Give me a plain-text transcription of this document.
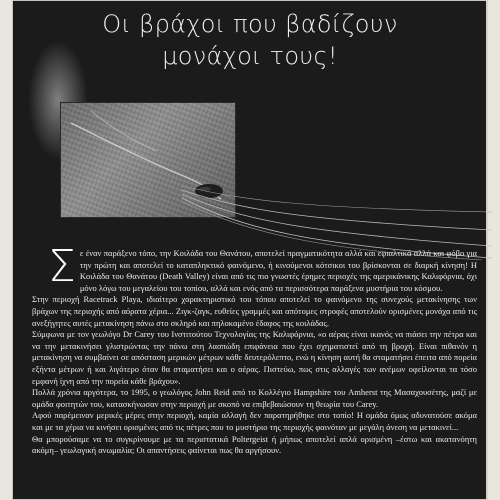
Οι βράχοι που βαδίζουν
μονάχοι τους!
Σ ε έναν παράξενο τόπο, την Κοιλάδα του Θανάτου, αποτελεί πραγματικότητα αλλά και εφιαλτικά αλλά και φόβο για την πρώτη και αποτελεί το καταπληκτικό φαινόμενο, ή κινούμενοι κότσικοι του βρίσκονται σε διαρκή κίνηση! Η Κοιλάδα του Θανάτου (Death Valley) είναι από τις πιο γνωστές έρημες περιοχές της αμερικάνικης Καλιφόρνια, όχι μόνο λόγω του μεγαλείου του τοπίου, αλλά και ενός από τα περισσότερα παράξενα μυστήρια του κόσμου.

Στην περιοχή Racetrack Playa, ιδιαίτερο χαρακτηριστικό του τόπου αποτελεί το φαινόμενο της συνεχούς μετακίνησης των βράχων της περιοχής από αόρατα χέρια... Ζιγκ-ζαγκ, ευθείες γραμμές και απότομες στροφές αποτελούν ορισμένες μονάχα από τις ανεξήγητες αυτές μετακίνηση πάνω στο σκληρό και πηλοκαμένο έδαφος της κοιλάδας.

Σύμφωνα με τον γεωλόγο Dr Carey του Ινστιτούτου Τεχνολογίας της Καλιφόρνια, «ο αέρας είναι ικανός να πιάσει την πέτρα και να την μετακινήσει γλιστρώντας την πάνω στη λασπώδη επιφάνεια που έχει σχηματιστεί από τη βροχή. Είναι πιθανόν η μετακίνηση να συμβαίνει σε απόσταση μερικών μέτρων κάθε δευτερόλεπτο, ενώ η κίνηση αυτή θα σταματήσει έπειτα από πορεία εξήντα μέτρων ή και λιγότερο όταν θα σταματήσει και ο αέρας. Πιστεύω, πως στις αλλαγές των ανέμων οφείλονται τα τόσο εμφανή ίχνη από την πορεία κάθε βράχου».

Πολλά χρόνια αργότερα, το 1995, ο γεωλόγος John Reid από το Κολλέγιο Hampshire του Amherst της Μασαχουσέτης, μαζί με ομάδα φοιτητών του, κατασκήνωσαν στην περιοχή με σκοπό να επιβεβαιώσουν τη θεωρία του Carey.

Αφού παρέμειναν μερικές μέρες στην περιοχή, καμία αλλαγή δεν παρατηρήθηκε στο τοπίο! Η ομάδα όμως αδυνατούσε ακόμα και με τα χέρια να κινήσει ορισμένες από τις πέτρες που το μυστήριο της περιοχής φαινόταν με μεγάλη άνεση να μετακινεί...

Θα μπορούσαμε να το συγκρίνουμε με τα περιστατικά Poltergeist ή μήπως αποτελεί απλά ορισμένη –έστω και ακατανόητη ακόμη– γεωλογική ανωμαλία; Οι απαντήσεις φαίνεται πως θα αργήσουν.
